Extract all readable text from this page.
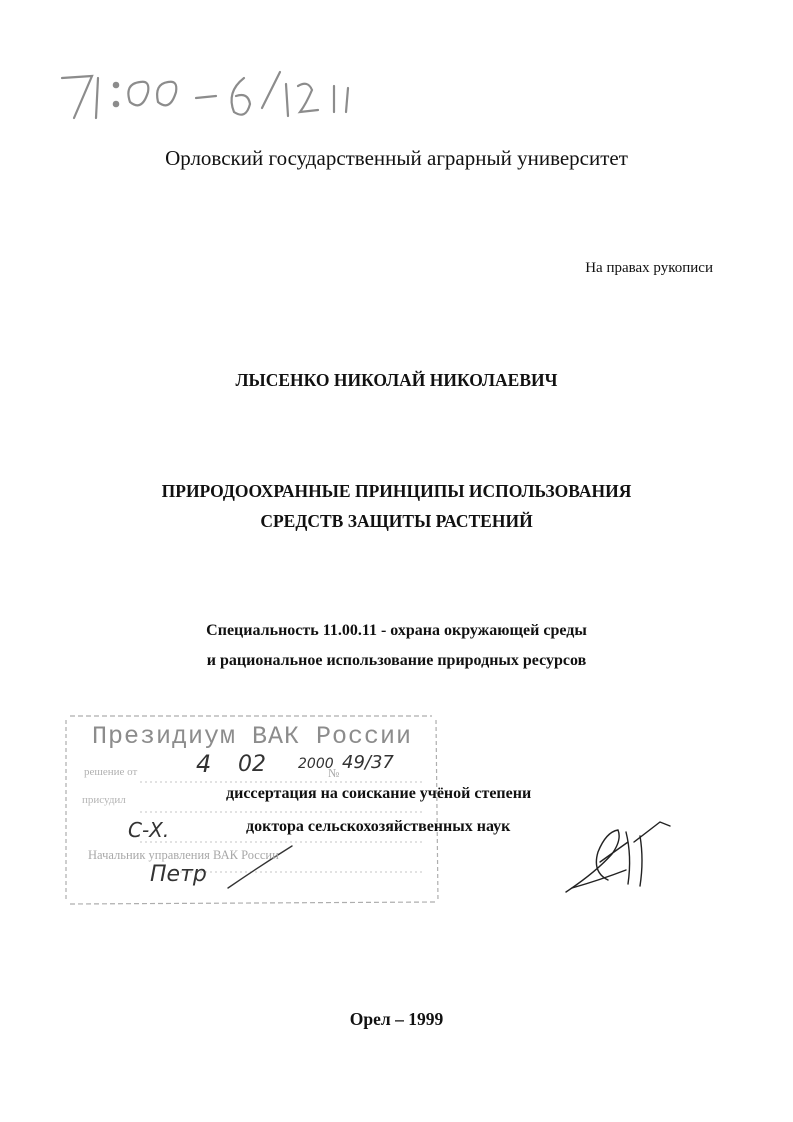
Президиум ВАК России
решение от 4 02 2000
№ 49/37
присудил
С-Х.
Начальник управления ВАК России
Петр
Орловский государственный аграрный университет
На правах рукописи
ЛЫСЕНКО НИКОЛАЙ НИКОЛАЕВИЧ
ПРИРОДООХРАННЫЕ ПРИНЦИПЫ ИСПОЛЬЗОВАНИЯ
СРЕДСТВ ЗАЩИТЫ РАСТЕНИЙ
Специальность 11.00.11 - охрана окружающей среды
и рациональное использование природных ресурсов
диссертация на соискание учёной степени
доктора сельскохозяйственных наук
Орел – 1999
